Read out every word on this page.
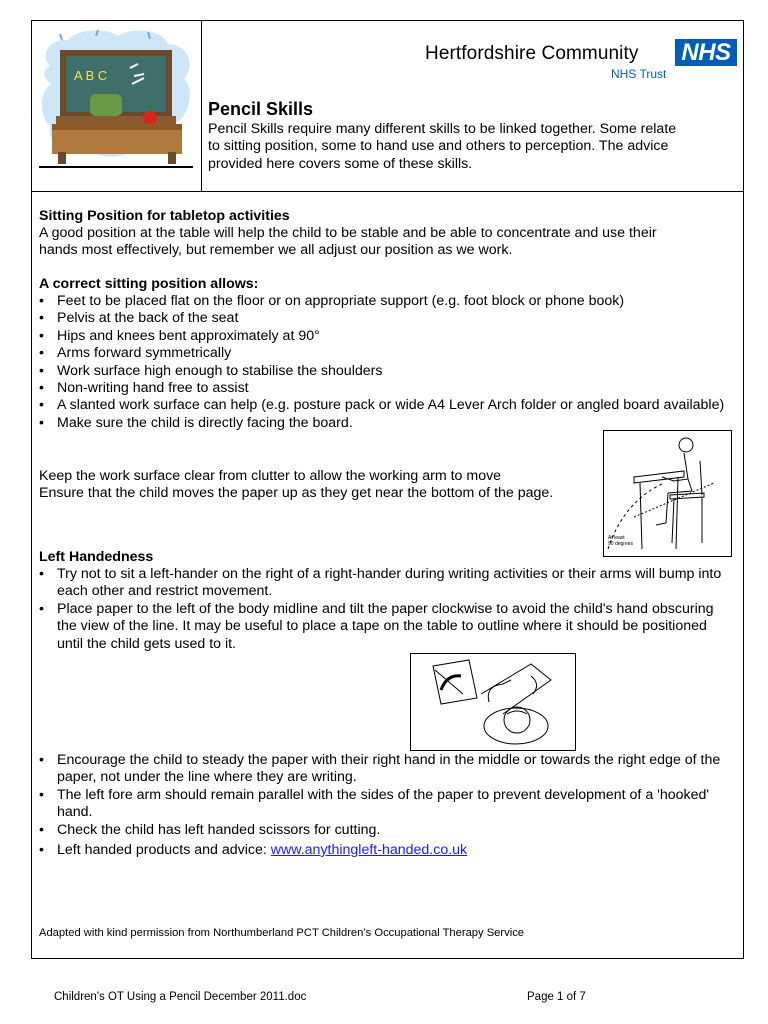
A B C
Hertfordshire Community NHS
NHS Trust
Pencil Skills
Pencil Skills require many different skills to be linked together. Some relate
to sitting position, some to hand use and others to perception. The advice
provided here covers some of these skills.
Sitting Position for tabletop activities
A good position at the table will help the child to be stable and be able to concentrate and use their
hands most effectively, but remember we all adjust our position as we work.
A correct sitting position allows:
• Feet to be placed flat on the floor or on appropriate support (e.g. foot block or phone book)
• Pelvis at the back of the seat
• Hips and knees bent approximately at 90°
• Arms forward symmetrically
• Work surface high enough to stabilise the shoulders
• Non-writing hand free to assist
• A slanted work surface can help (e.g. posture pack or wide A4 Lever Arch folder or angled board available)
• Make sure the child is directly facing the board.
Keep the work surface clear from clutter to allow the working arm to move
Ensure that the child moves the paper up as they get near the bottom of the page.
At least
90 degrees
Left Handedness
• Try not to sit a left-hander on the right of a right-hander during writing activities or their arms will bump into each other and restrict movement.
• Place paper to the left of the body midline and tilt the paper clockwise to avoid the child's hand obscuring the view of the line. It may be useful to place a tape on the table to outline where it should be positioned until the child gets used to it.
• Encourage the child to steady the paper with their right hand in the middle or towards the right edge of the paper, not under the line where they are writing.
• The left fore arm should remain parallel with the sides of the paper to prevent development of a 'hooked' hand.
• Check the child has left handed scissors for cutting.
• Left handed products and advice: www.anythingleft-handed.co.uk
Adapted with kind permission from Northumberland PCT Children’s Occupational Therapy Service
Children's OT Using a Pencil December 2011.doc	Page 1 of 7
